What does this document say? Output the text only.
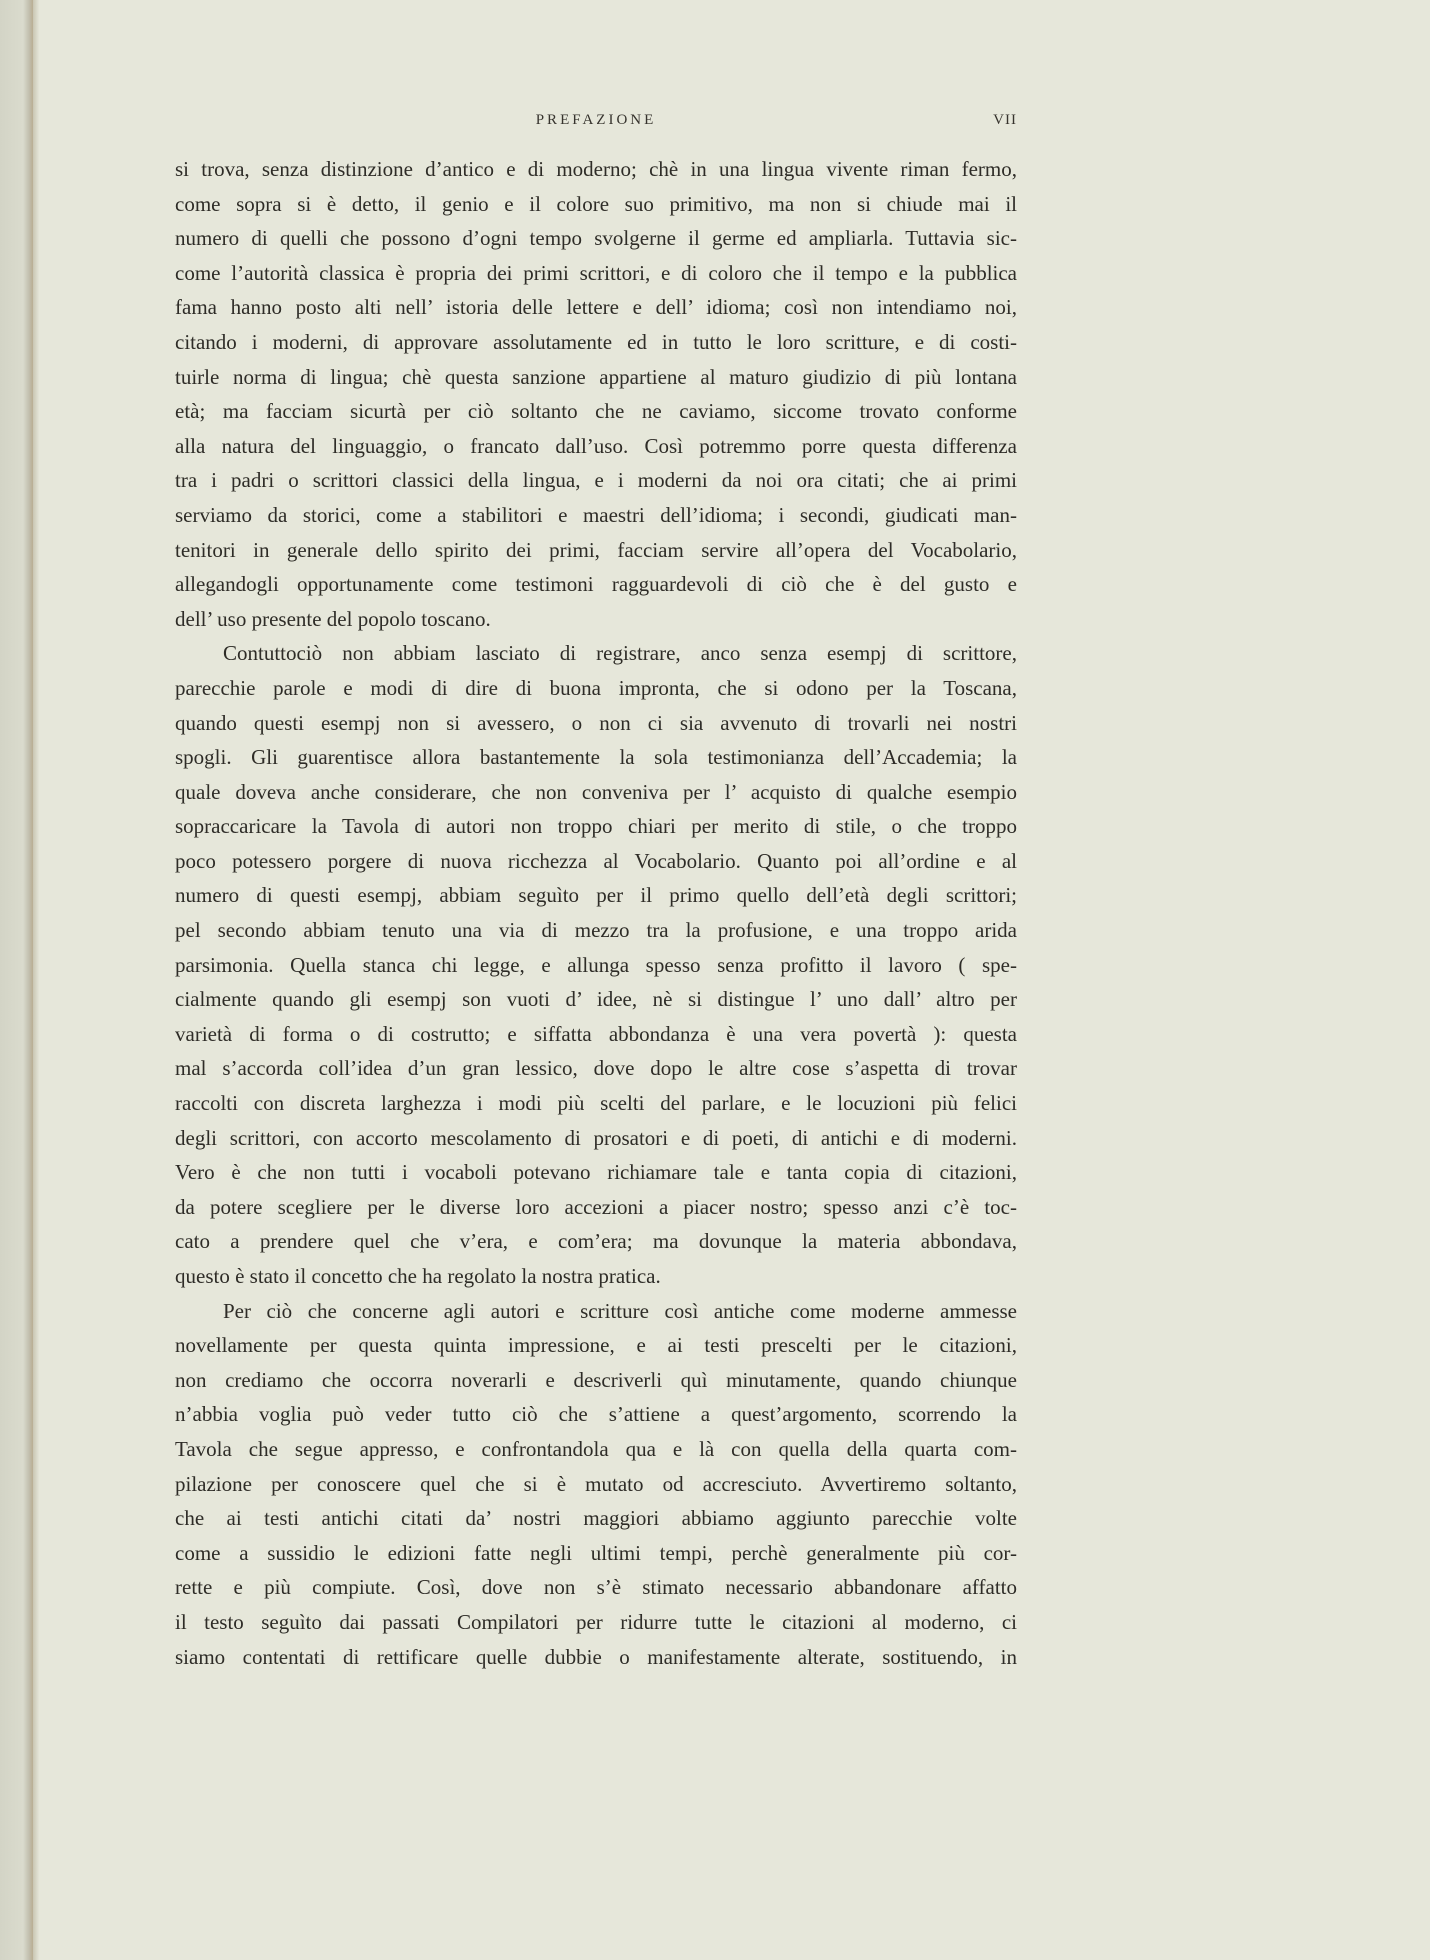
PREFAZIONE	VII
si trova, senza distinzione d’antico e di moderno; chè in una lingua vivente riman fermo,
come sopra si è detto, il genio e il colore suo primitivo, ma non si chiude mai il
numero di quelli che possono d’ogni tempo svolgerne il germe ed ampliarla. Tuttavia sic-
come l’autorità classica è propria dei primi scrittori, e di coloro che il tempo e la pubblica
fama hanno posto alti nell’ istoria delle lettere e dell’ idioma; così non intendiamo noi,
citando i moderni, di approvare assolutamente ed in tutto le loro scritture, e di costi-
tuirle norma di lingua; chè questa sanzione appartiene al maturo giudizio di più lontana
età; ma facciam sicurtà per ciò soltanto che ne caviamo, siccome trovato conforme
alla natura del linguaggio, o francato dall’uso. Così potremmo porre questa differenza
tra i padri o scrittori classici della lingua, e i moderni da noi ora citati; che ai primi
serviamo da storici, come a stabilitori e maestri dell’idioma; i secondi, giudicati man-
tenitori in generale dello spirito dei primi, facciam servire all’opera del Vocabolario,
allegandogli opportunamente come testimoni ragguardevoli di ciò che è del gusto e
dell’ uso presente del popolo toscano.
Contuttociò non abbiam lasciato di registrare, anco senza esempj di scrittore,
parecchie parole e modi di dire di buona impronta, che si odono per la Toscana,
quando questi esempj non si avessero, o non ci sia avvenuto di trovarli nei nostri
spogli. Gli guarentisce allora bastantemente la sola testimonianza dell’Accademia; la
quale doveva anche considerare, che non conveniva per l’ acquisto di qualche esempio
sopraccaricare la Tavola di autori non troppo chiari per merito di stile, o che troppo
poco potessero porgere di nuova ricchezza al Vocabolario. Quanto poi all’ordine e al
numero di questi esempj, abbiam seguìto per il primo quello dell’età degli scrittori;
pel secondo abbiam tenuto una via di mezzo tra la profusione, e una troppo arida
parsimonia. Quella stanca chi legge, e allunga spesso senza profitto il lavoro ( spe-
cialmente quando gli esempj son vuoti d’ idee, nè si distingue l’ uno dall’ altro per
varietà di forma o di costrutto; e siffatta abbondanza è una vera povertà ): questa
mal s’accorda coll’idea d’un gran lessico, dove dopo le altre cose s’aspetta di trovar
raccolti con discreta larghezza i modi più scelti del parlare, e le locuzioni più felici
degli scrittori, con accorto mescolamento di prosatori e di poeti, di antichi e di moderni.
Vero è che non tutti i vocaboli potevano richiamare tale e tanta copia di citazioni,
da potere scegliere per le diverse loro accezioni a piacer nostro; spesso anzi c’è toc-
cato a prendere quel che v’era, e com’era; ma dovunque la materia abbondava,
questo è stato il concetto che ha regolato la nostra pratica.
Per ciò che concerne agli autori e scritture così antiche come moderne ammesse
novellamente per questa quinta impressione, e ai testi prescelti per le citazioni,
non crediamo che occorra noverarli e descriverli quì minutamente, quando chiunque
n’abbia voglia può veder tutto ciò che s’attiene a quest’argomento, scorrendo la
Tavola che segue appresso, e confrontandola qua e là con quella della quarta com-
pilazione per conoscere quel che si è mutato od accresciuto. Avvertiremo soltanto,
che ai testi antichi citati da’ nostri maggiori abbiamo aggiunto parecchie volte
come a sussidio le edizioni fatte negli ultimi tempi, perchè generalmente più cor-
rette e più compiute. Così, dove non s’è stimato necessario abbandonare affatto
il testo seguìto dai passati Compilatori per ridurre tutte le citazioni al moderno, ci
siamo contentati di rettificare quelle dubbie o manifestamente alterate, sostituendo, in
